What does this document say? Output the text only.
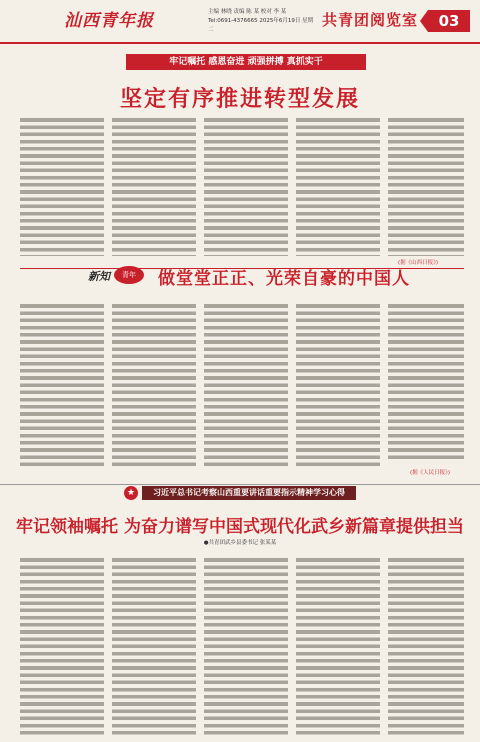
汕西青年报	主编 林晓 责编 陈 某 校对 李 某
Tel:0691-4376665 2025年6月19日 星期二
共青团阅览室	03
牢记嘱托 感恩奋进 顽强拼搏 真抓实干
坚定有序推进转型发展
(据《山西日报》)
新知	青年	做堂堂正正、光荣自豪的中国人
(据《人民日报》)
★	习近平总书记考察山西重要讲话重要指示精神学习心得
牢记领袖嘱托 为奋力谱写中国式现代化武乡新篇章提供担当
●共青团武乡县委书记 张某某
